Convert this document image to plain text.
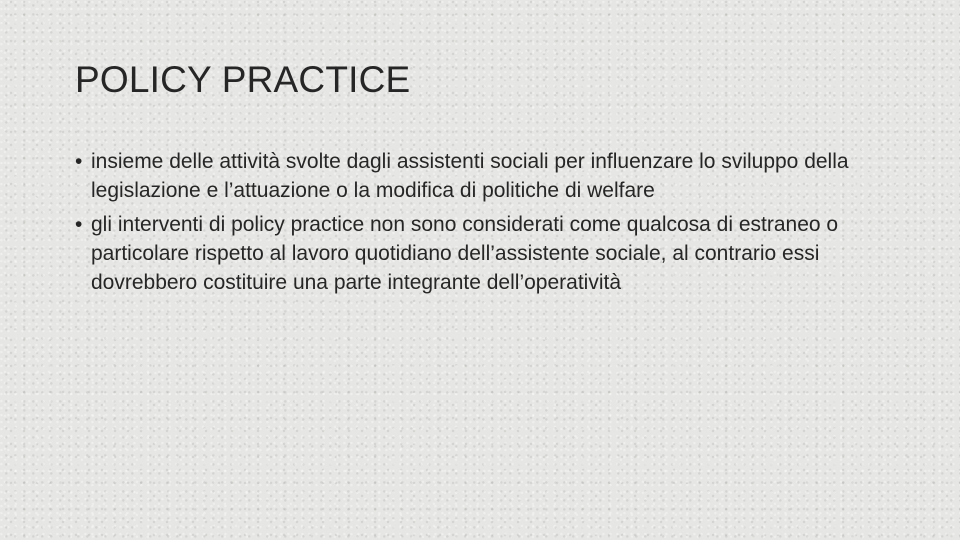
POLICY PRACTICE
• insieme delle attività svolte dagli assistenti sociali per influenzare lo sviluppo della legislazione e l’attuazione o la modifica di politiche di welfare
• gli interventi di policy practice non sono considerati come qualcosa di estraneo o particolare rispetto al lavoro quotidiano dell’assistente sociale, al contrario essi dovrebbero costituire una parte integrante dell’operatività
